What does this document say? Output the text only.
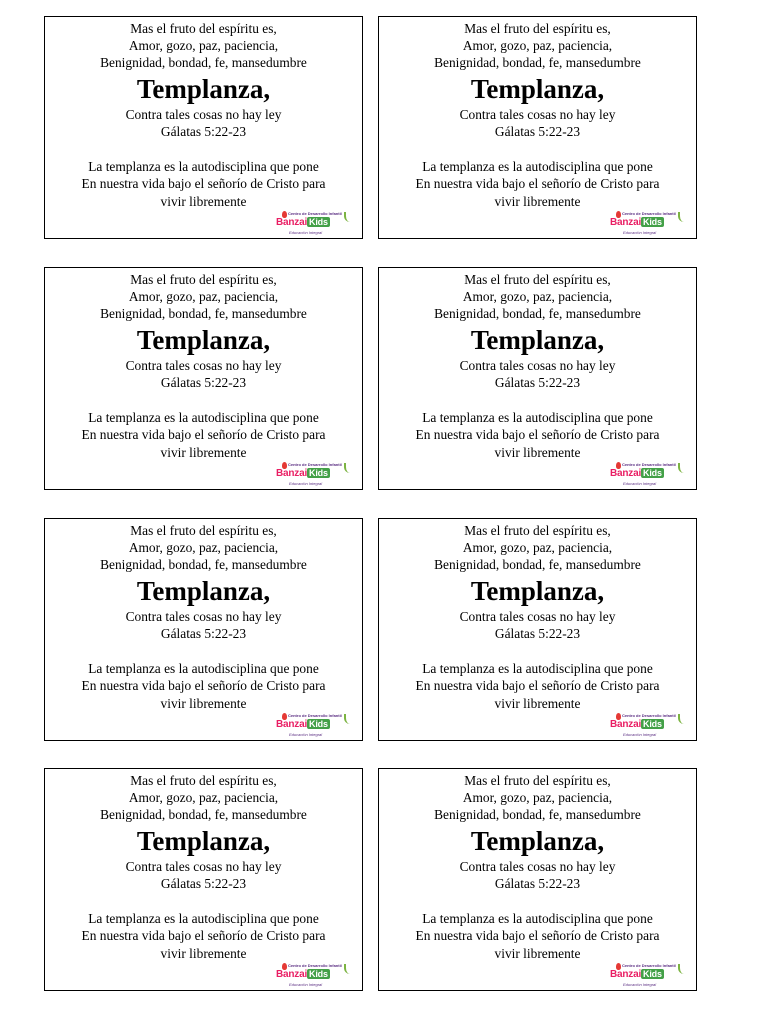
Mas el fruto del espíritu es,
Amor, gozo, paz, paciencia,
Benignidad, bondad, fe, mansedumbre
Templanza,
Contra tales cosas no hay ley
Gálatas 5:22-23
La templanza es la autodisciplina que pone
En nuestra vida bajo el señorío de Cristo para
vivir libremente
Centro de Desarrollo Infantil
Banzai Kids
Educación Integral
Mas el fruto del espíritu es,
Amor, gozo, paz, paciencia,
Benignidad, bondad, fe, mansedumbre
Templanza,
Contra tales cosas no hay ley
Gálatas 5:22-23
La templanza es la autodisciplina que pone
En nuestra vida bajo el señorío de Cristo para
vivir libremente
Centro de Desarrollo Infantil
Banzai Kids
Educación Integral
Mas el fruto del espíritu es,
Amor, gozo, paz, paciencia,
Benignidad, bondad, fe, mansedumbre
Templanza,
Contra tales cosas no hay ley
Gálatas 5:22-23
La templanza es la autodisciplina que pone
En nuestra vida bajo el señorío de Cristo para
vivir libremente
Centro de Desarrollo Infantil
Banzai Kids
Educación Integral
Mas el fruto del espíritu es,
Amor, gozo, paz, paciencia,
Benignidad, bondad, fe, mansedumbre
Templanza,
Contra tales cosas no hay ley
Gálatas 5:22-23
La templanza es la autodisciplina que pone
En nuestra vida bajo el señorío de Cristo para
vivir libremente
Centro de Desarrollo Infantil
Banzai Kids
Educación Integral
Mas el fruto del espíritu es,
Amor, gozo, paz, paciencia,
Benignidad, bondad, fe, mansedumbre
Templanza,
Contra tales cosas no hay ley
Gálatas 5:22-23
La templanza es la autodisciplina que pone
En nuestra vida bajo el señorío de Cristo para
vivir libremente
Centro de Desarrollo Infantil
Banzai Kids
Educación Integral
Mas el fruto del espíritu es,
Amor, gozo, paz, paciencia,
Benignidad, bondad, fe, mansedumbre
Templanza,
Contra tales cosas no hay ley
Gálatas 5:22-23
La templanza es la autodisciplina que pone
En nuestra vida bajo el señorío de Cristo para
vivir libremente
Centro de Desarrollo Infantil
Banzai Kids
Educación Integral
Mas el fruto del espíritu es,
Amor, gozo, paz, paciencia,
Benignidad, bondad, fe, mansedumbre
Templanza,
Contra tales cosas no hay ley
Gálatas 5:22-23
La templanza es la autodisciplina que pone
En nuestra vida bajo el señorío de Cristo para
vivir libremente
Centro de Desarrollo Infantil
Banzai Kids
Educación Integral
Mas el fruto del espíritu es,
Amor, gozo, paz, paciencia,
Benignidad, bondad, fe, mansedumbre
Templanza,
Contra tales cosas no hay ley
Gálatas 5:22-23
La templanza es la autodisciplina que pone
En nuestra vida bajo el señorío de Cristo para
vivir libremente
Centro de Desarrollo Infantil
Banzai Kids
Educación Integral
